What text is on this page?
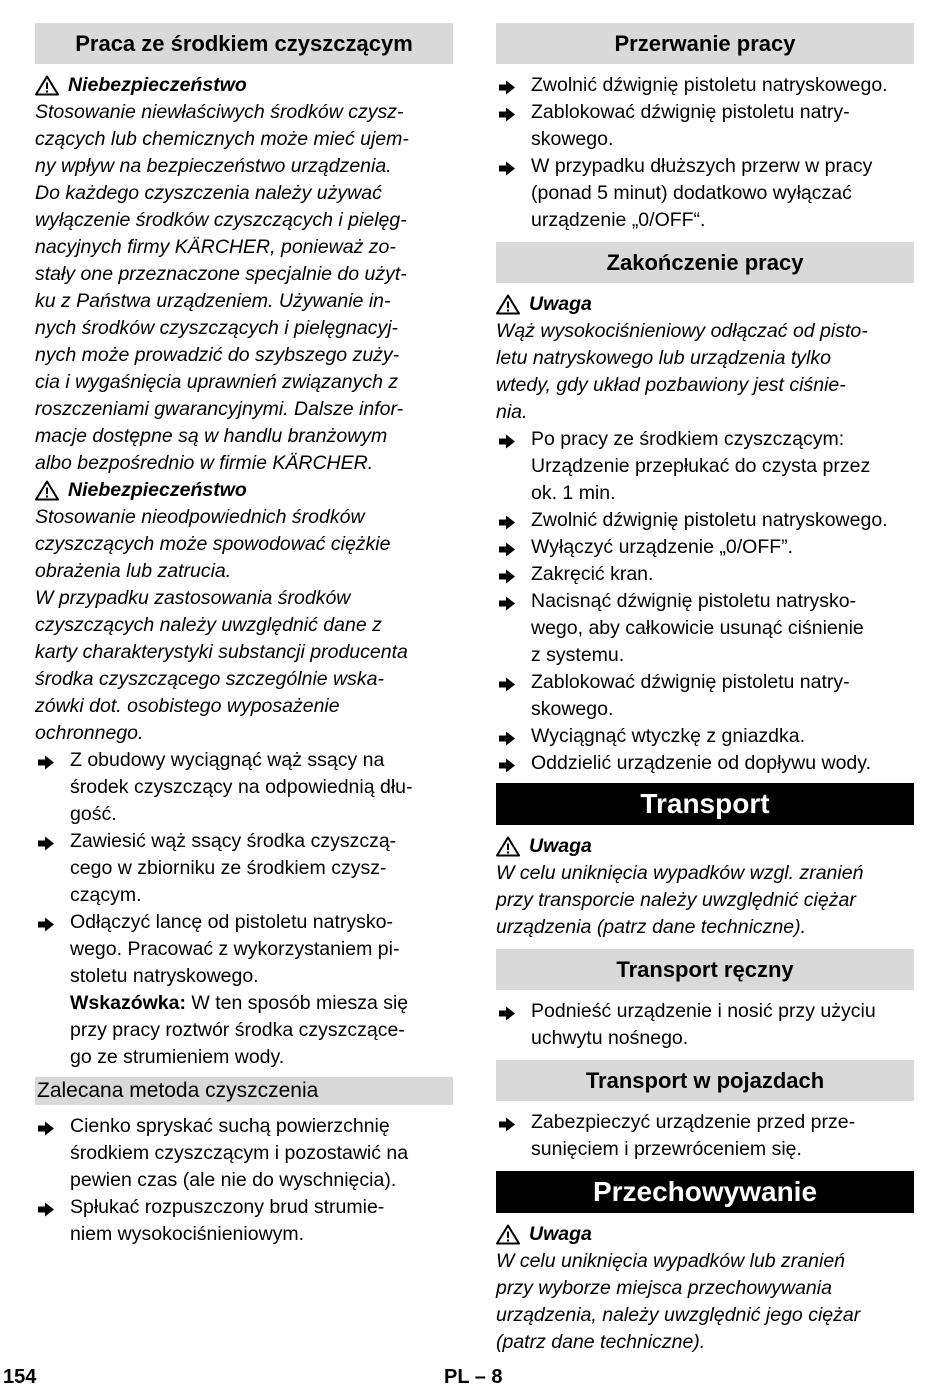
Praca ze środkiem czyszczącym
Niebezpieczeństwo
Stosowanie niewłaściwych środków czysz-
czących lub chemicznych może mieć ujem-
ny wpływ na bezpieczeństwo urządzenia.
Do każdego czyszczenia należy używać
wyłączenie środków czyszczących i pielęg-
nacyjnych firmy KÄRCHER, ponieważ zo-
stały one przeznaczone specjalnie do użyt-
ku z Państwa urządzeniem. Używanie in-
nych środków czyszczących i pielęgnacyj-
nych może prowadzić do szybszego zuży-
cia i wygaśnięcia uprawnień związanych z
roszczeniami gwarancyjnymi. Dalsze infor-
macje dostępne są w handlu branżowym
albo bezpośrednio w firmie KÄRCHER.
Niebezpieczeństwo
Stosowanie nieodpowiednich środków
czyszczących może spowodować ciężkie
obrażenia lub zatrucia.
W przypadku zastosowania środków
czyszczących należy uwzględnić dane z
karty charakterystyki substancji producenta
środka czyszczącego szczególnie wska-
zówki dot. osobistego wyposażenie
ochronnego.
Z obudowy wyciągnąć wąż ssący na
środek czyszczący na odpowiednią dłu-
gość.
Zawiesić wąż ssący środka czyszczą-
cego w zbiorniku ze środkiem czysz-
czącym.
Odłączyć lancę od pistoletu natrysko-
wego. Pracować z wykorzystaniem pi-
stoletu natryskowego.
Wskazówka: W ten sposób miesza się
przy pracy roztwór środka czyszczące-
go ze strumieniem wody.
Zalecana metoda czyszczenia
Cienko spryskać suchą powierzchnię
środkiem czyszczącym i pozostawić na
pewien czas (ale nie do wyschnięcia).
Spłukać rozpuszczony brud strumie-
niem wysokociśnieniowym.
Przerwanie pracy
Zwolnić dźwignię pistoletu natryskowego.
Zablokować dźwignię pistoletu natry-
skowego.
W przypadku dłuższych przerw w pracy
(ponad 5 minut) dodatkowo wyłączać
urządzenie „0/OFF“.
Zakończenie pracy
Uwaga
Wąż wysokociśnieniowy odłączać od pisto-
letu natryskowego lub urządzenia tylko
wtedy, gdy układ pozbawiony jest ciśnie-
nia.
Po pracy ze środkiem czyszczącym:
Urządzenie przepłukać do czysta przez
ok. 1 min.
Zwolnić dźwignię pistoletu natryskowego.
Wyłączyć urządzenie „0/OFF”.
Zakręcić kran.
Nacisnąć dźwignię pistoletu natrysko-
wego, aby całkowicie usunąć ciśnienie
z systemu.
Zablokować dźwignię pistoletu natry-
skowego.
Wyciągnąć wtyczkę z gniazdka.
Oddzielić urządzenie od dopływu wody.
Transport
Uwaga
W celu uniknięcia wypadków wzgl. zranień
przy transporcie należy uwzględnić ciężar
urządzenia (patrz dane techniczne).
Transport ręczny
Podnieść urządzenie i nosić przy użyciu
uchwytu nośnego.
Transport w pojazdach
Zabezpieczyć urządzenie przed prze-
sunięciem i przewróceniem się.
Przechowywanie
Uwaga
W celu uniknięcia wypadków lub zranień
przy wyborze miejsca przechowywania
urządzenia, należy uwzględnić jego ciężar
(patrz dane techniczne).
154	PL – 8
